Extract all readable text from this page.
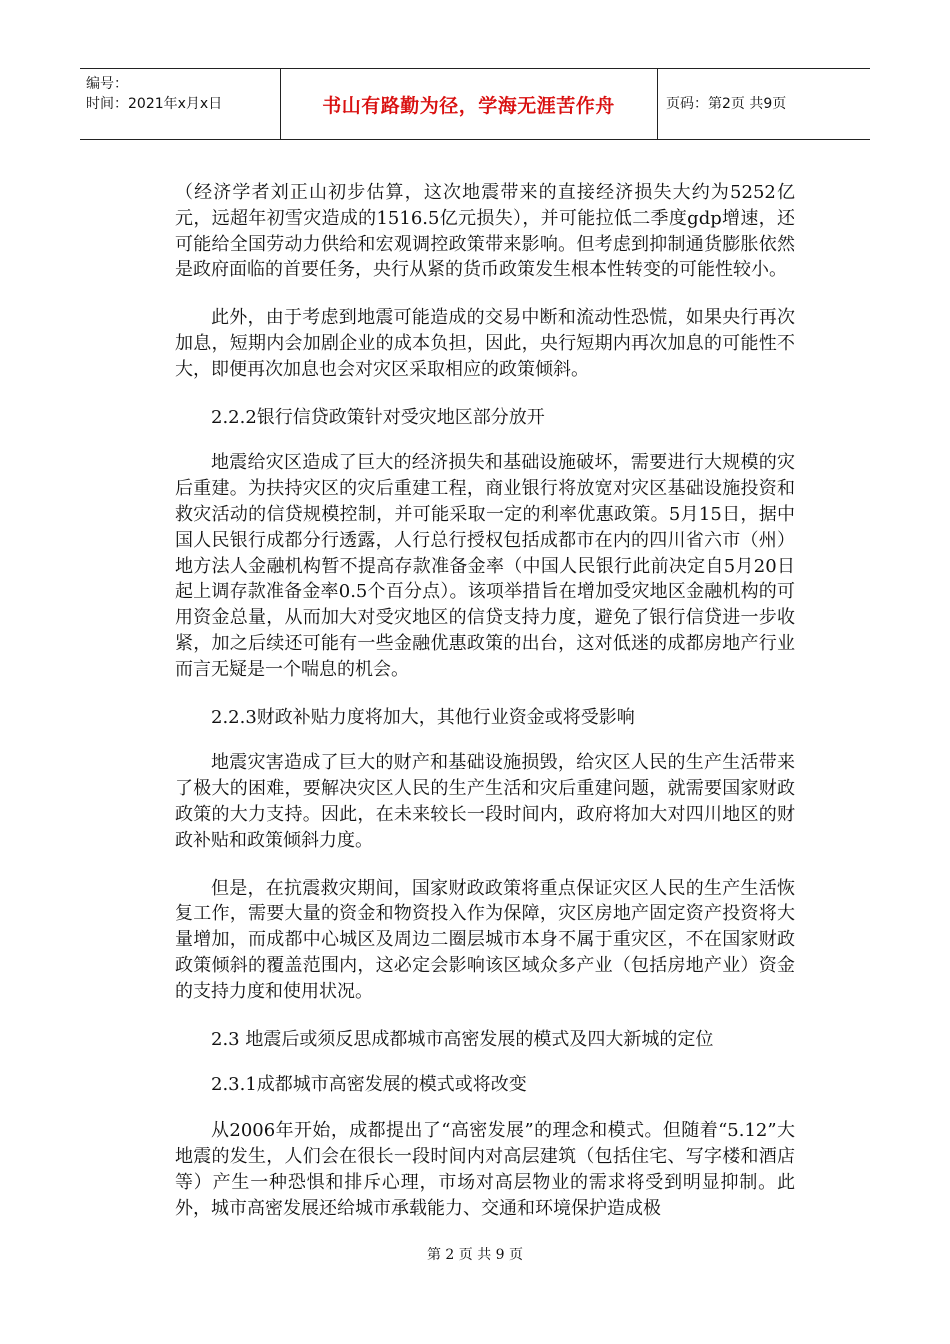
编号：
时间：2021年x月x日	书山有路勤为径，学海无涯苦作舟	页码：第2页 共9页

（经济学者刘正山初步估算，这次地震带来的直接经济损失大约为5252亿元，远超年初雪灾造成的1516.5亿元损失），并可能拉低二季度gdp增速，还可能给全国劳动力供给和宏观调控政策带来影响。但考虑到抑制通货膨胀依然是政府面临的首要任务，央行从紧的货币政策发生根本性转变的可能性较小。

此外，由于考虑到地震可能造成的交易中断和流动性恐慌，如果央行再次加息，短期内会加剧企业的成本负担，因此，央行短期内再次加息的可能性不大，即便再次加息也会对灾区采取相应的政策倾斜。

2.2.2银行信贷政策针对受灾地区部分放开

地震给灾区造成了巨大的经济损失和基础设施破坏，需要进行大规模的灾后重建。为扶持灾区的灾后重建工程，商业银行将放宽对灾区基础设施投资和救灾活动的信贷规模控制，并可能采取一定的利率优惠政策。5月15日，据中国人民银行成都分行透露，人行总行授权包括成都市在内的四川省六市（州）地方法人金融机构暂不提高存款准备金率（中国人民银行此前决定自5月20日起上调存款准备金率0.5个百分点）。该项举措旨在增加受灾地区金融机构的可用资金总量，从而加大对受灾地区的信贷支持力度，避免了银行信贷进一步收紧，加之后续还可能有一些金融优惠政策的出台，这对低迷的成都房地产行业而言无疑是一个喘息的机会。

2.2.3财政补贴力度将加大，其他行业资金或将受影响

地震灾害造成了巨大的财产和基础设施损毁，给灾区人民的生产生活带来了极大的困难，要解决灾区人民的生产生活和灾后重建问题，就需要国家财政政策的大力支持。因此，在未来较长一段时间内，政府将加大对四川地区的财政补贴和政策倾斜力度。

但是，在抗震救灾期间，国家财政政策将重点保证灾区人民的生产生活恢复工作，需要大量的资金和物资投入作为保障，灾区房地产固定资产投资将大量增加，而成都中心城区及周边二圈层城市本身不属于重灾区，不在国家财政政策倾斜的覆盖范围内，这必定会影响该区域众多产业（包括房地产业）资金的支持力度和使用状况。

2.3 地震后或须反思成都城市高密发展的模式及四大新城的定位

2.3.1成都城市高密发展的模式或将改变

从2006年开始，成都提出了“高密发展”的理念和模式。但随着“5.12”大地震的发生，人们会在很长一段时间内对高层建筑（包括住宅、写字楼和酒店等）产生一种恐惧和排斥心理，市场对高层物业的需求将受到明显抑制。此外，城市高密发展还给城市承载能力、交通和环境保护造成极

第 2 页 共 9 页
